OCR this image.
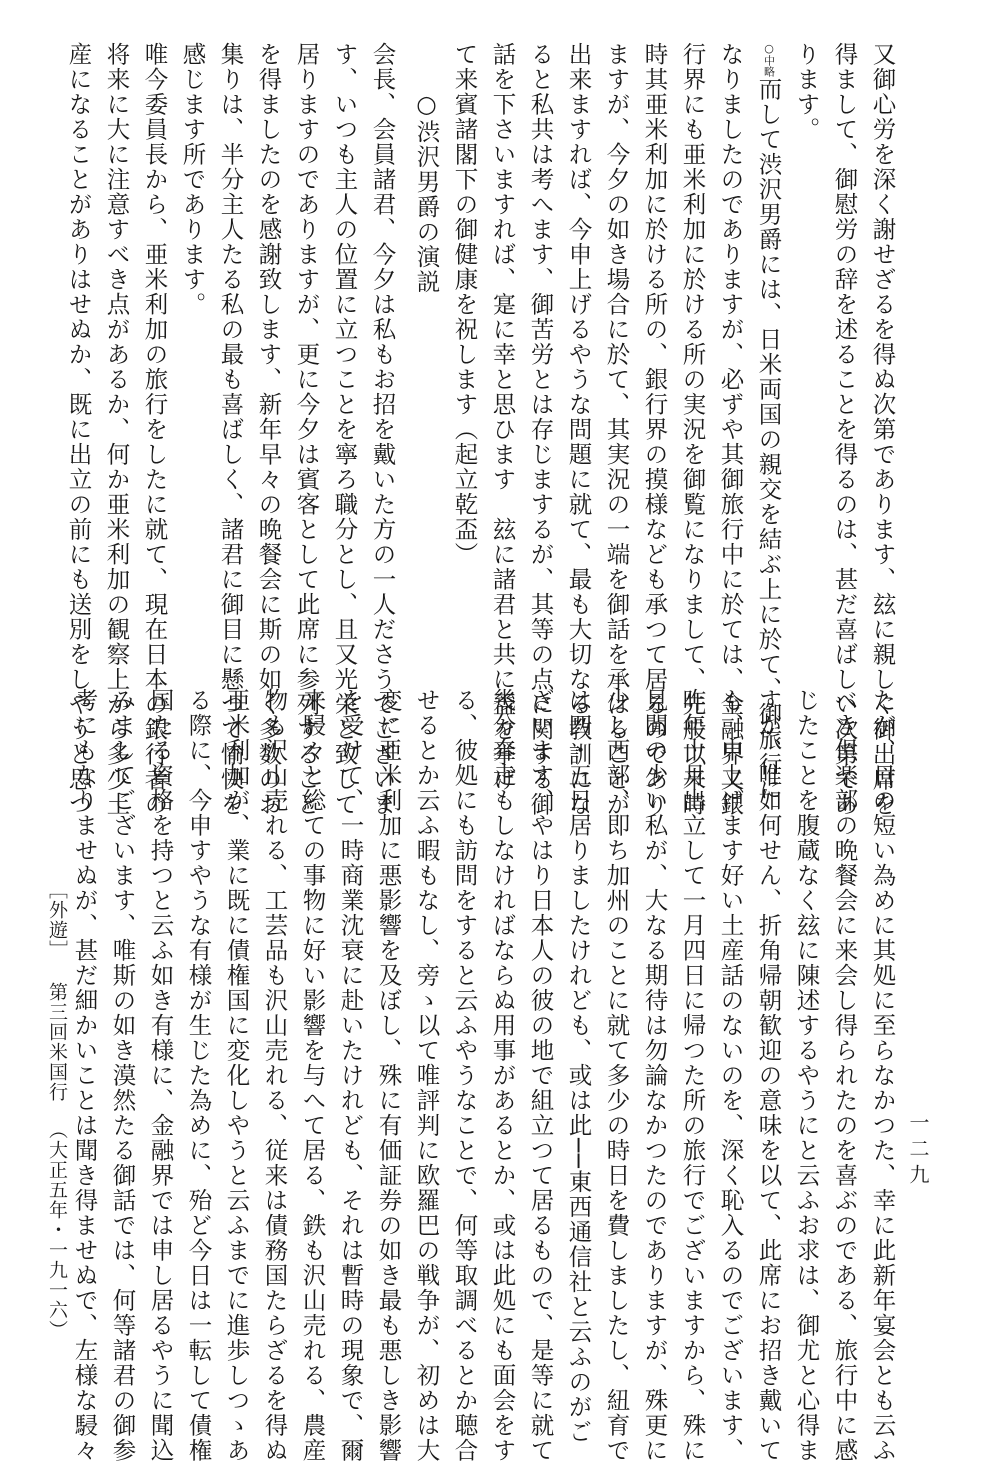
又御心労を深く謝せざるを得ぬ次第であります、玆に親しく御出席を
得まして、御慰労の辞を述ることを得るのは、甚だ喜ばしい次第であ
ります。
○中略而して渋沢男爵には、日米両国の親交を結ぶ上に於て、御旅行に
なりましたのでありますが、必ずや其御旅行中に於ては、金融界又銀
行界にも亜米利加に於ける所の実況を御覧になりまして、先般以来時
時其亜米利加に於ける所の、銀行界の摸様なども承つて居るのであり
ますが、今夕の如き場合に於て、其実況の一端を御話を承はることが
出来ますれば、今申上げるやうな問題に就て、最も大切なる教訓にな
ると私共は考へます、御苦労とは存じまするが、其等の点に関する御
話を下さいますれば、寔に幸と思ひます　玆に諸君と共に盃を挙げ
て来賓諸閣下の御健康を祝します（起立乾盃）
○渋沢男爵の演説
会長、会員諸君、今夕は私もお招を戴いた方の一人ださうでございま
す、いつも主人の位置に立つことを寧ろ職分とし、且又光栄と致して
居りますのでありますが、更に今夕は賓客として此席に参列すること
を得ましたのを感謝致します、新年早々の晩餐会に斯の如く多数のお
集りは、半分主人たる私の最も喜ばしく、諸君に御目に懸つて愉快を
感じます所であります。
唯今委員長から、亜米利加の旅行をしたに就て、現在日本の銀行者の
将来に大に注意すべき点があるか、何か亜米利加の観察上から多少土
産になることがありはせぬか、既に出立の前にも送別をしやうと思つ
たが、日の短い為めに其処に至らなかつた、幸に此新年宴会とも云ふ
べき倶楽部の晩餐会に来会し得られたのを喜ぶのである、旅行中に感
じたことを腹蔵なく玆に陳述するやうにと云ふお求は、御尤と心得ま
すが、唯如何せん、折角帰朝歓迎の意味を以て、此席にお招き戴いて
も、申上げます好い土産話のないのを、深く恥入るのでございます、
昨年十月出立して一月四日に帰つた所の旅行でございますから、殊に
見聞の少い私が、大なる期待は勿論なかつたのでありますが、殊更に
少し西部、即ち加州のことに就て多少の時日を費しましたし、紐育で
は四・五日居りましたけれども、或は此──東西通信社と云ふのがご
ざいます、やはり日本人の彼の地で組立つて居るもので、是等に就て
幾分奔走もしなければならぬ用事があるとか、或は此処にも面会をす
る、彼処にも訪問をすると云ふやうなことで、何等取調べるとか聴合
せるとか云ふ暇もなし、旁ゝ以て唯評判に欧羅巴の戦争が、初めは大
変に亜米利加に悪影響を及ぼし、殊に有価証券の如き最も悪しき影響
を受けて、一時商業沈衰に赴いたけれども、それは暫時の現象で、爾
来駸々と総ての事物に好い影響を与へて居る、鉄も沢山売れる、農産
物も沢山売れる、工芸品も沢山売れる、従来は債務国たらざるを得ぬ
亜米利加が、業に既に債権国に変化しやうと云ふまでに進歩しつゝあ
る際に、今申すやうな有様が生じた為めに、殆ど今日は一転して債権
国たる資格を持つと云ふ如き有様に、金融界では申し居るやうに聞込
みましてございます、唯斯の如き漠然たる御話では、何等諸君の御参
考にもなりませぬが、甚だ細かいことは聞き得ませぬで、左様な駸々
［外遊］第三回米国行（大正五年・一九一六）	一二九
